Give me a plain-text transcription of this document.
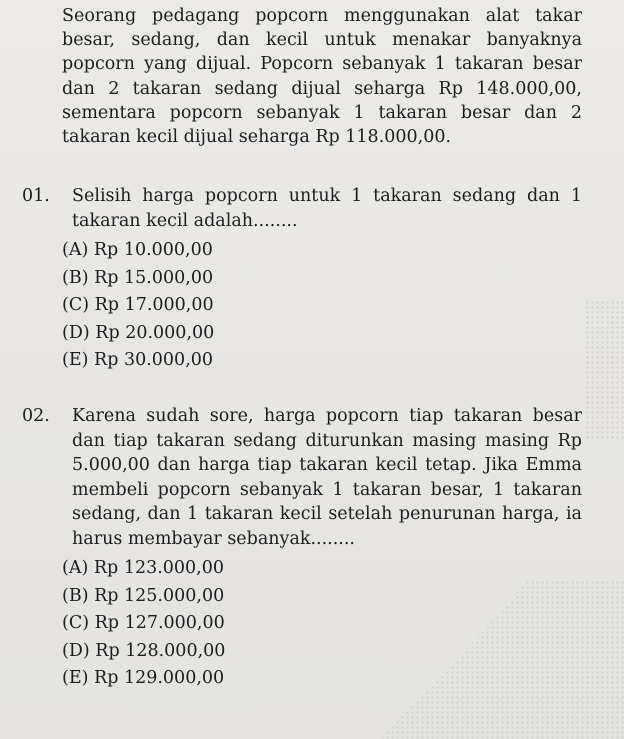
Seorang pedagang popcorn menggunakan alat takar besar, sedang, dan kecil untuk menakar banyaknya popcorn yang dijual. Popcorn sebanyak 1 takaran besar dan 2 takaran sedang dijual seharga Rp 148.000,00, sementara popcorn sebanyak 1 takaran besar dan 2 takaran kecil dijual seharga Rp 118.000,00.

01. Selisih harga popcorn untuk 1 takaran sedang dan 1 takaran kecil adalah........

(A) Rp 10.000,00
(B) Rp 15.000,00
(C) Rp 17.000,00
(D) Rp 20.000,00
(E) Rp 30.000,00
02. Karena sudah sore, harga popcorn tiap takaran besar dan tiap takaran sedang diturunkan masing masing Rp 5.000,00 dan harga tiap takaran kecil tetap. Jika Emma membeli popcorn sebanyak 1 takaran besar, 1 takaran sedang, dan 1 takaran kecil setelah penurunan harga, ia harus membayar sebanyak........

(A) Rp 123.000,00
(B) Rp 125.000,00
(C) Rp 127.000,00
(D) Rp 128.000,00
(E) Rp 129.000,00
